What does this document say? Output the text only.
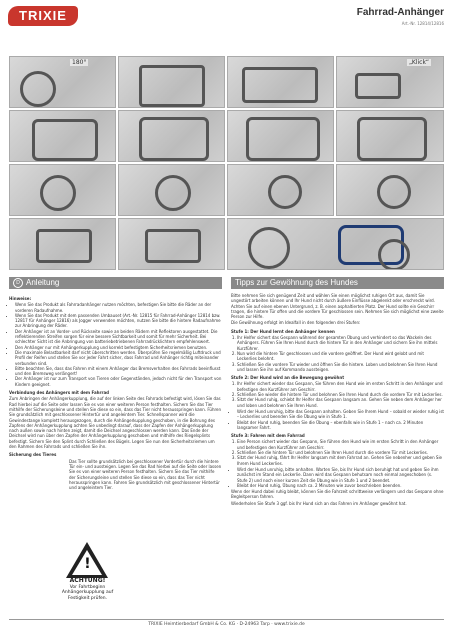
TRIXIE	Fahrrad-Anhänger
Art.-Nr. 12814/12816
180°	„Klick“
D Anleitung	Tipps zur Gewöhnung des Hundes

Hinweise:

• Wenn Sie das Produkt als Fahrradanhänger nutzen möchten, befestigen Sie bitte die Räder an der vorderen Radaufnahme.
• Wenn Sie das Produkt mit dem passenden Umbauset (Art.-Nr. 12815 für Fahrrad-Anhänger 12814 bzw. 12817 für Anhänger 12816) als Jogger verwenden möchten, nutzen Sie bitte die hintere Radaufnahme zur Anbringung der Räder.
• Der Anhänger ist an Vorder- und Rückseite sowie an beiden Rädern mit Reflektoren ausgestattet. Die reflektierenden Streifen sorgen für eine bessere Sichtbarkeit und somit für mehr Sicherheit. Bei schlechter Sicht ist die Anbringung von batteriebetriebenen Fahrradrücklichtern empfehlenswert.
• Den Anhänger nur mit Anhängerkupplung und korrekt befestigtem Sicherheitsriemen benutzen.
• Die maximale Belastbarkeit darf nicht überschritten werden. Überprüfen Sie regelmäßig Luftdruck und Profil der Reifen und stellen Sie vor jeder Fahrt sicher, dass Fahrrad und Anhänger richtig miteinander verbunden sind.
• Bitte beachten Sie, dass das Fahren mit einem Anhänger das Bremsverhalten des Fahrrads beeinflusst und den Bremsweg verlängert!
• Der Anhänger ist nur zum Transport von Tieren oder Gegenständen, jedoch nicht für den Transport von Kindern geeignet.

Verbindung des Anhängers mit dem Fahrrad

Zum Anbringen der Anhängerkupplung, die auf der linken Seite des Fahrrads befestigt wird, lösen Sie das Rad hierbei auf die Seite oder lassen Sie es von einer weiteren Person festhalten. Sichern Sie das Tier mithilfe der Sicherungsleine und stellen Sie diese so ein, dass das Tier nicht herausspringen kann. Führen Sie grundsätzlich mit geschlossener Hintertür und angeleintem Tier. Schnellspanner wird die Gewindestange komplett herausgezogen, durch die Anhängerkupplung geschoben, in die Bohrung des Zapfens der Anhängerkupplung achten Sie unbedingt darauf, dass der Zapfen der Anhängerkupplung nach außen sowie nach hinten zeigt, damit die Deichsel angeschlossen werden kann. Das Ende der Deichsel wird nun über den Zapfen der Anhängerkupplung geschoben und mithilfe des Riegelsplints befestigt. Sichern Sie den Splint durch Schließen des Bügels. Legen Sie nun den Sicherheitsriemen um den Rahmen des Fahrrads und schließen Sie ihn.

Sicherung des Tieres

Das Tier sollte grundsätzlich bei geschlossener Vordertür durch die hintere Tür ein- und aussteigen. Legen Sie das Rad hierbei auf die Seite oder lassen Sie es von einer weiteren Person festhalten. Sichern Sie das Tier mithilfe der Sicherungsleine und stellen Sie diese so ein, dass das Tier nicht herausspringen kann. Fahren Sie grundsätzlich mit geschlossener Hintertür und angeleintem Tier.

!
ACHTUNG!
Vor Fahrtbeginn Anhängerkupplung auf Festigkeit prüfen.

Bitte nehmen Sie sich genügend Zeit und wählen Sie einen möglichst ruhigen Ort aus, damit Sie ungestört arbeiten können und Ihr Hund nicht durch äußere Einflüsse abgelenkt oder erschreckt wird. Achten Sie auf einen ebenen Untergrund, z. B. einen asphaltierten Platz. Der Hund sollte ein Geschirr tragen, die hintere Tür offen und die vordere Tür geschlossen sein. Nehmen Sie sich möglichst eine zweite Person zur Hilfe.

Die Gewöhnung erfolgt im Idealfall in den folgenden drei Stufen:

Stufe 1: Der Hund lernt den Anhänger kennen

1. Ihr Helfer sichert das Gespann während der gesamten Übung und verhindert so das Wackeln des Anhängers. Führen Sie Ihren Hund durch die hintere Tür in den Anhänger und sichern Sie ihn mittels Kurzführer.
2. Nun wird die hintere Tür geschlossen und die vordere geöffnet. Der Hund wird gelobt und mit Leckerlies belohnt.
3. Schließen Sie die vordere Tür wieder und öffnen Sie die hintere. Loben und belohnen Sie Ihren Hund und lassen Sie ihn auf Kommando aussteigen.

Stufe 2: Der Hund wird an die Bewegung gewöhnt

1. Ihr Helfer sichert wieder das Gespann, Sie führen den Hund wie im ersten Schritt in den Anhänger und befestigen den Kurzführer am Geschirr.
2. Schließen Sie wieder die hintere Tür und belohnen Sie Ihren Hund durch die vordere Tür mit Leckerlies.
3. Sitzt der Hund ruhig, schiebt Ihr Helfer das Gespann langsam an. Gehen Sie neben dem Anhänger her und loben und belohnen Sie Ihren Hund.
• Wird der Hund unruhig, bitte das Gespann anhalten. Geben Sie Ihrem Hund – sobald er wieder ruhig ist – Leckerlies und beenden Sie die Übung wie in Stufe 1.
• Bleibt der Hund ruhig, beenden Sie die Übung – ebenfalls wie in Stufe 1 – nach ca. 2 Minuten langsamer Fahrt.

Stufe 3: Fahren mit dem Fahrrad

1. Eine Person sichert wieder das Gespann, Sie führen den Hund wie im ersten Schritt in den Anhänger und befestigen den Kurzführer am Geschirr.
2. Schließen Sie die hintere Tür und belohnen Sie Ihren Hund durch die vordere Tür mit Leckerlies.
3. Sitzt der Hund ruhig, fährt Ihr Helfer langsam mit dem Fahrrad an. Gehen Sie nebenher und geben Sie Ihrem Hund Leckerlies.
• Wird der Hund unruhig, bitte anhalten. Warten Sie, bis Ihr Hund sich beruhigt hat und geben Sie ihm zunächst im Stand ein Leckerlie. Dann wird das Gespann behutsam noch einmal angeschoben (s. Stufe 2) und noch einer kurzen Zeit die Übung wie in Stufe 1 und 2 beendet.
• Bleibt der Hund ruhig, Übung nach ca. 2 Minuten wie zuvor beschrieben beenden.

Wenn der Hund dabei ruhig bleibt, können Sie die Fahrzeit schrittweise verlängern und das Gespann ohne Begleitperson fahren.

Wiederholen Sie Stufe 3 ggf. bis Ihr Hund sich an das Fahren im Anhänger gewöhnt hat.

TRIXIE Heimtierbedarf GmbH & Co. KG · D-24963 Tarp · www.trixie.de
